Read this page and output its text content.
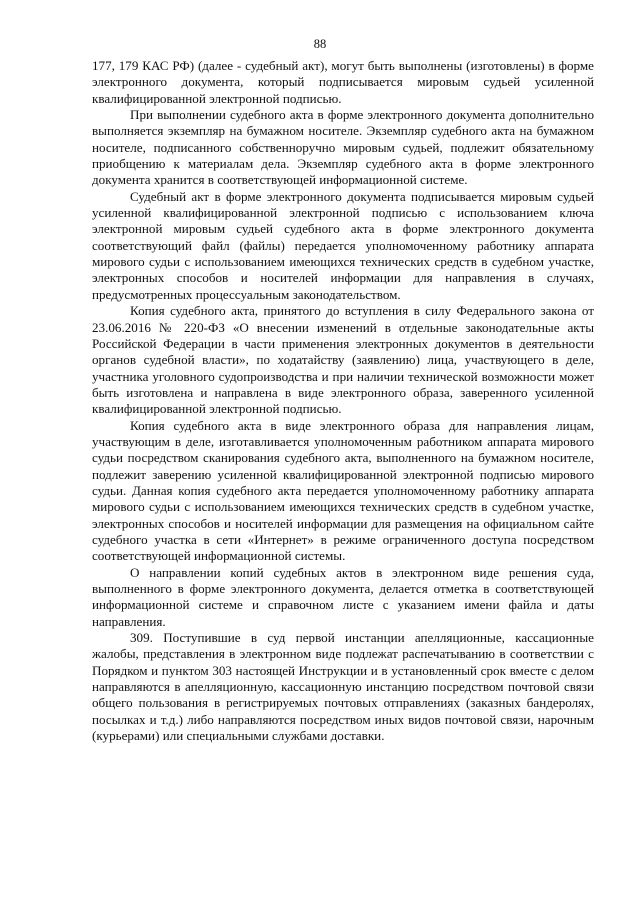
88

177, 179 КАС РФ) (далее - судебный акт), могут быть выполнены (изготовлены) в форме электронного документа, который подписывается мировым судьей усиленной квалифицированной электронной подписью.

При выполнении судебного акта в форме электронного документа дополнительно выполняется экземпляр на бумажном носителе. Экземпляр судебного акта на бумажном носителе, подписанного собственноручно мировым судьей, подлежит обязательному приобщению к материалам дела. Экземпляр судебного акта в форме электронного документа хранится в соответствующей информационной системе.

Судебный акт в форме электронного документа подписывается мировым судьей усиленной квалифицированной электронной подписью с использованием ключа электронной мировым судьей судебного акта в форме электронного документа соответствующий файл (файлы) передается уполномоченному работнику аппарата мирового судьи с использованием имеющихся технических средств в судебном участке, электронных способов и носителей информации для направления в случаях, предусмотренных процессуальным законодательством.

Копия судебного акта, принятого до вступления в силу Федерального закона от 23.06.2016 № 220-ФЗ «О внесении изменений в отдельные законодательные акты Российской Федерации в части применения электронных документов в деятельности органов судебной власти», по ходатайству (заявлению) лица, участвующего в деле, участника уголовного судопроизводства и при наличии технической возможности может быть изготовлена и направлена в виде электронного образа, заверенного усиленной квалифицированной электронной подписью.

Копия судебного акта в виде электронного образа для направления лицам, участвующим в деле, изготавливается уполномоченным работником аппарата мирового судьи посредством сканирования судебного акта, выполненного на бумажном носителе, подлежит заверению усиленной квалифицированной электронной подписью мирового судьи. Данная копия судебного акта передается уполномоченному работнику аппарата мирового судьи с использованием имеющихся технических средств в судебном участке, электронных способов и носителей информации для размещения на официальном сайте судебного участка в сети «Интернет» в режиме ограниченного доступа посредством соответствующей информационной системы.

О направлении копий судебных актов в электронном виде решения суда, выполненного в форме электронного документа, делается отметка в соответствующей информационной системе и справочном листе с указанием имени файла и даты направления.

309. Поступившие в суд первой инстанции апелляционные, кассационные жалобы, представления в электронном виде подлежат распечатыванию в соответствии с Порядком и пунктом 303 настоящей Инструкции и в установленный срок вместе с делом направляются в апелляционную, кассационную инстанцию посредством почтовой связи общего пользования в регистрируемых почтовых отправлениях (заказных бандеролях, посылках и т.д.) либо направляются посредством иных видов почтовой связи, нарочным (курьерами) или специальными службами доставки.
